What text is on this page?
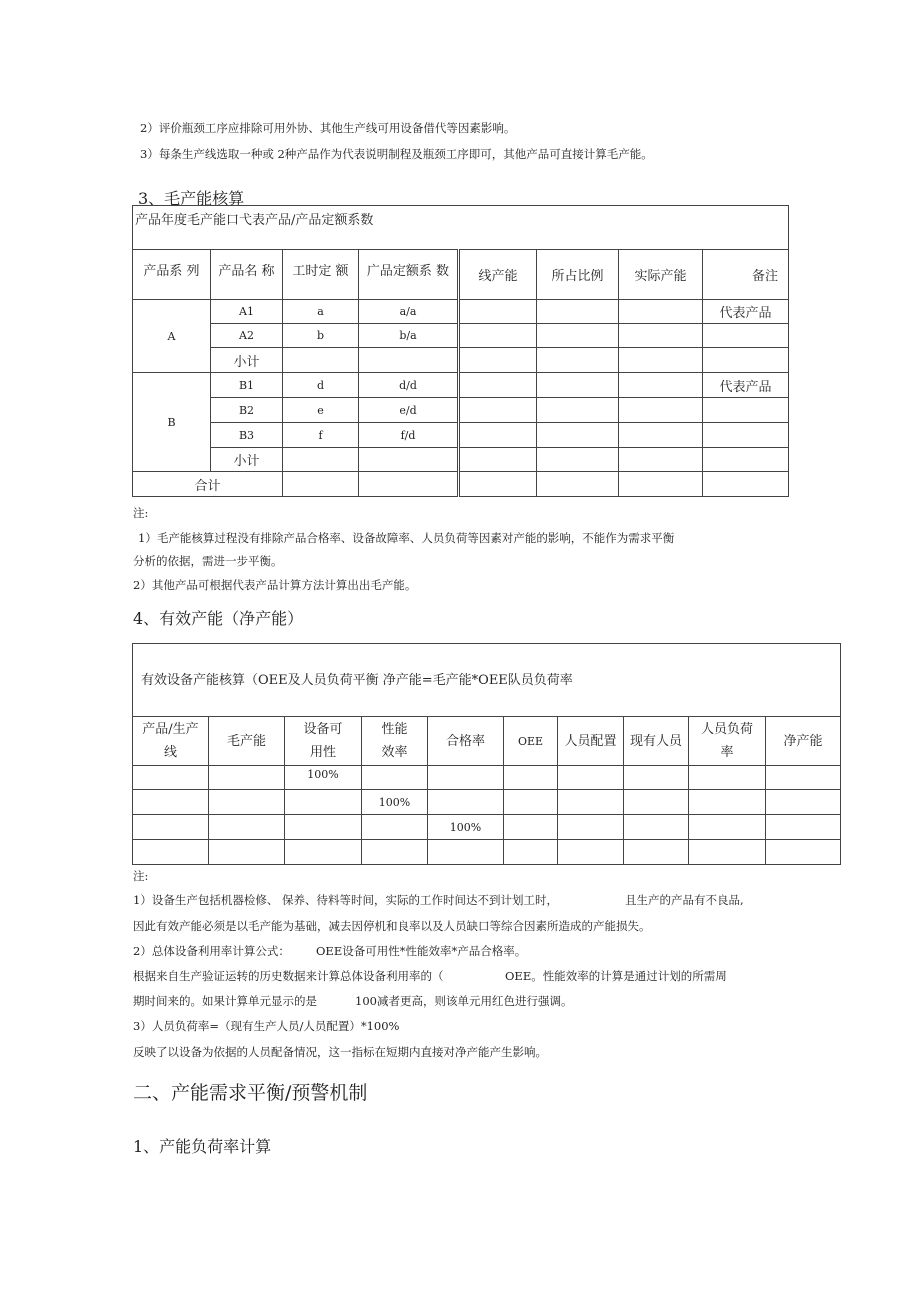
2）评价瓶颈工序应排除可用外协、其他生产线可用设备借代等因素影响。
3）每条生产线选取一种或 2种产品作为代表说明制程及瓶颈工序即可，其他产品可直接计算毛产能。
3、毛产能核算
产品年度毛产能口弋表产品/产品定额系数							
产品系 列	产品名 称	工时定 额	广品定额系 数	线产能	所占比例	实际产能	备注
A	A1	a	a/a				代表产品
	A2	b	b/a				
	小计						
B	B1	d	d/d				代表产品
	B2	e	e/d				
	B3	f	f/d				
	小计						
合计							
注:
1）毛产能核算过程没有排除产品合格率、设备故障率、人员负荷等因素对产能的影响，不能作为需求平衡
分析的依据，需进一步平衡。
2）其他产品可根据代表产品计算方法计算出出毛产能。
4、有效产能（净产能）
有效设备产能核算（OEE及人员负荷平衡 净产能=毛产能*OEE队员负荷率									
产品/生产线	毛产能	设备可用性	性能效率	合格率	OEE	人员配置	现有人员	人员负荷率	净产能
		100%							
			100%						
				100%					

注:
1）设备生产包括机器检修、 保养、待料等时间，实际的工作时间达不到计划工时，	且生产的产品有不良品,
因此有效产能必须是以毛产能为基础，减去因停机和良率以及人员缺口等综合因素所造成的产能损失。
2）总体设备利用率计算公式： OEE设备可用性*性能效率*产品合格率。
根据来自生产验证运转的历史数据来计算总体设备利用率的（	OEE。性能效率的计算是通过计划的所需周
期时间来的。如果计算单元显示的是	100减者更高，则该单元用红色进行强调。
3）人员负荷率=（现有生产人员/人员配置）*100%
反映了以设备为依据的人员配备情况，这一指标在短期内直接对净产能产生影响。
二、产能需求平衡/预警机制
1、产能负荷率计算
